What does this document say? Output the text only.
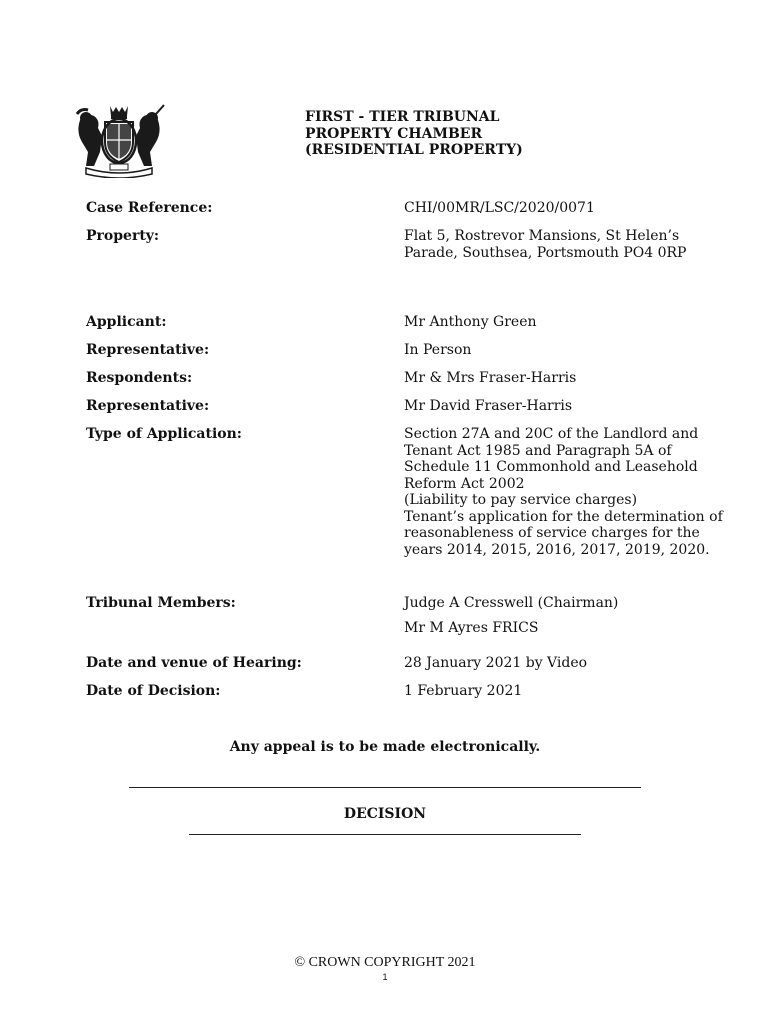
FIRST - TIER TRIBUNAL
PROPERTY CHAMBER
(RESIDENTIAL PROPERTY)
Case Reference:	CHI/00MR/LSC/2020/0071
Property:	Flat 5, Rostrevor Mansions, St Helen’s
Parade, Southsea, Portsmouth PO4 0RP
Applicant:	Mr Anthony Green
Representative:	In Person
Respondents:	Mr & Mrs Fraser-Harris
Representative:	Mr David Fraser-Harris
Type of Application:	Section 27A and 20C of the Landlord and
Tenant Act 1985 and Paragraph 5A of
Schedule 11 Commonhold and Leasehold
Reform Act 2002
(Liability to pay service charges)
Tenant’s application for the determination of
reasonableness of service charges for the
years 2014, 2015, 2016, 2017, 2019, 2020.
Tribunal Members:	Judge A Cresswell (Chairman)
Mr M Ayres FRICS
Date and venue of Hearing:	28 January 2021 by Video
Date of Decision:	1 February 2021
Any appeal is to be made electronically.
DECISION
© CROWN COPYRIGHT 2021
1
